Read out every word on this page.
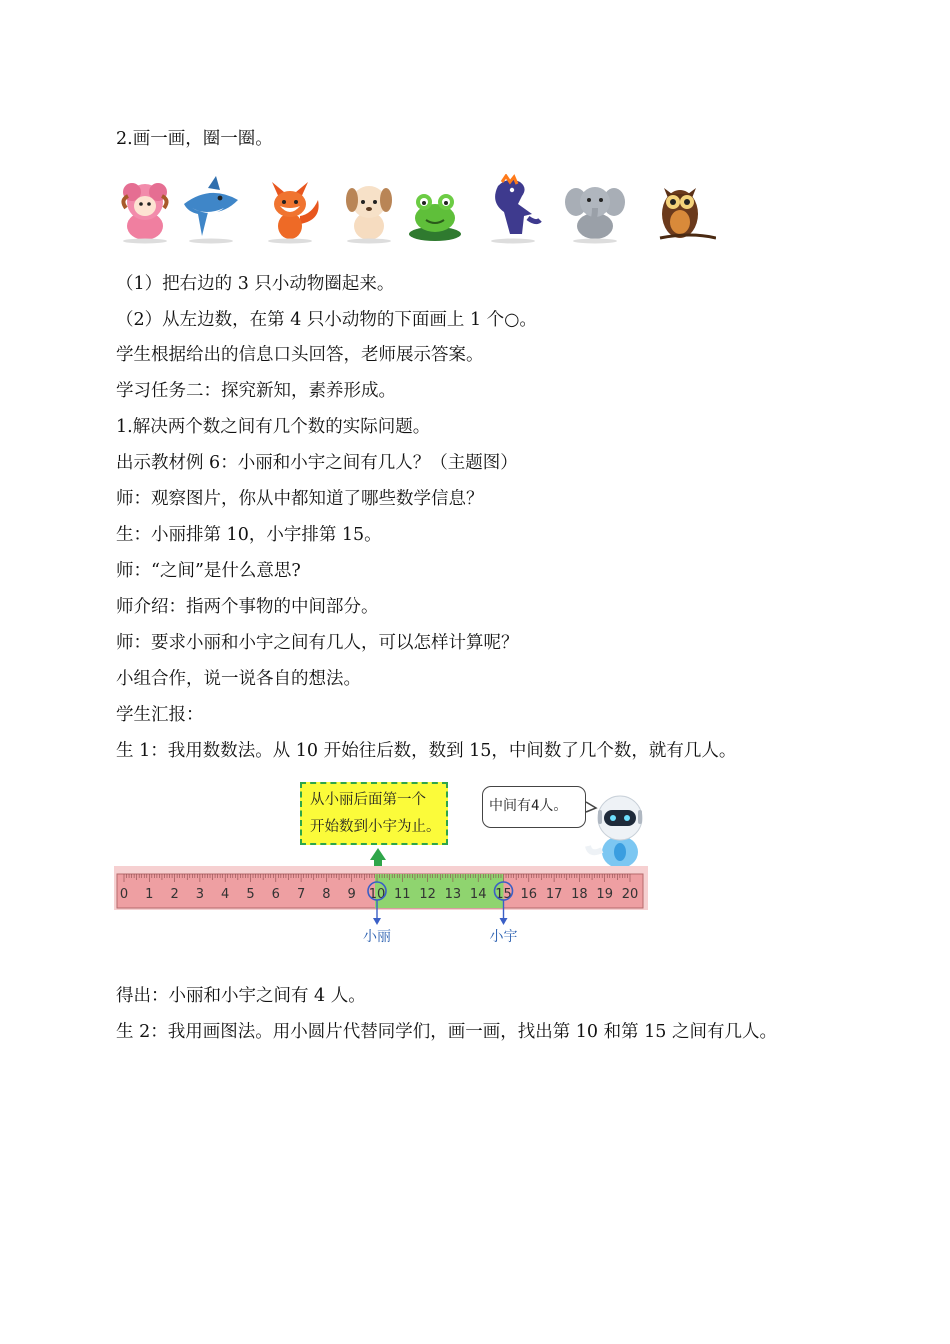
2.画一画，圈一圈。
（1）把右边的 3 只小动物圈起来。
（2）从左边数，在第 4 只小动物的下面画上 1 个○。
学生根据给出的信息口头回答，老师展示答案。
学习任务二：探究新知，素养形成。
1.解决两个数之间有几个数的实际问题。
出示教材例 6：小丽和小宇之间有几人？（主题图）
师：观察图片，你从中都知道了哪些数学信息？
生：小丽排第 10，小宇排第 15。
师：“之间”是什么意思?
师介绍：指两个事物的中间部分。
师：要求小丽和小宇之间有几人，可以怎样计算呢？
小组合作，说一说各自的想法。
学生汇报：
生 1：我用数数法。从 10 开始往后数，数到 15，中间数了几个数，就有几人。
从小丽后面第一个
开始数到小宇为止。
中间有4人。
0 1 2 3 4 5 6 7 8 9 10 11 12 13 14 15 16 17 18 19 20
小丽	小宇
得出：小丽和小宇之间有 4 人。
生 2：我用画图法。用小圆片代替同学们，画一画，找出第 10 和第 15 之间有几人。
